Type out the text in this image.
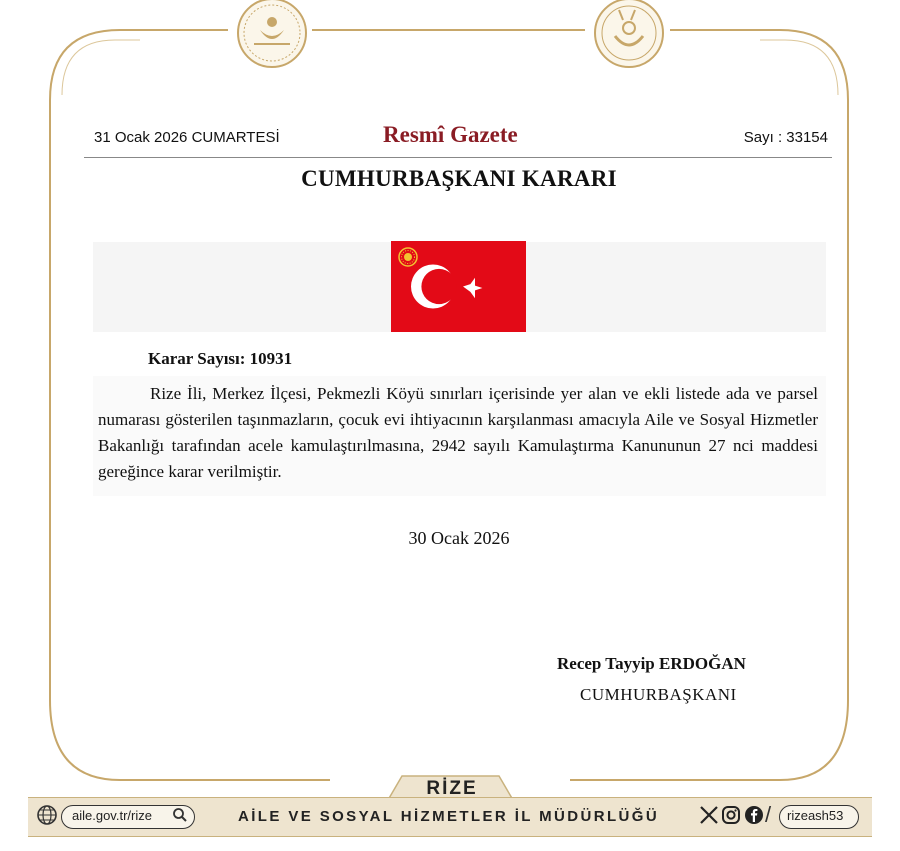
31 Ocak 2026 CUMARTESİ	Resmî Gazete	Sayı : 33154
CUMHURBAŞKANI KARARI
Karar Sayısı: 10931
Rize İli, Merkez İlçesi, Pekmezli Köyü sınırları içerisinde yer alan ve ekli listede ada ve parsel numarası gösterilen taşınmazların, çocuk evi ihtiyacının karşılanması amacıyla Aile ve Sosyal Hizmetler Bakanlığı tarafından acele kamulaştırılmasına, 2942 sayılı Kamulaştırma Kanununun 27 nci maddesi gereğince karar verilmiştir.
30 Ocak 2026
Recep Tayyip ERDOĞAN
CUMHURBAŞKANI
RİZE
aile.gov.tr/rize	AİLE VE SOSYAL HİZMETLER İL MÜDÜRLÜĞÜ	/ rizeash53
